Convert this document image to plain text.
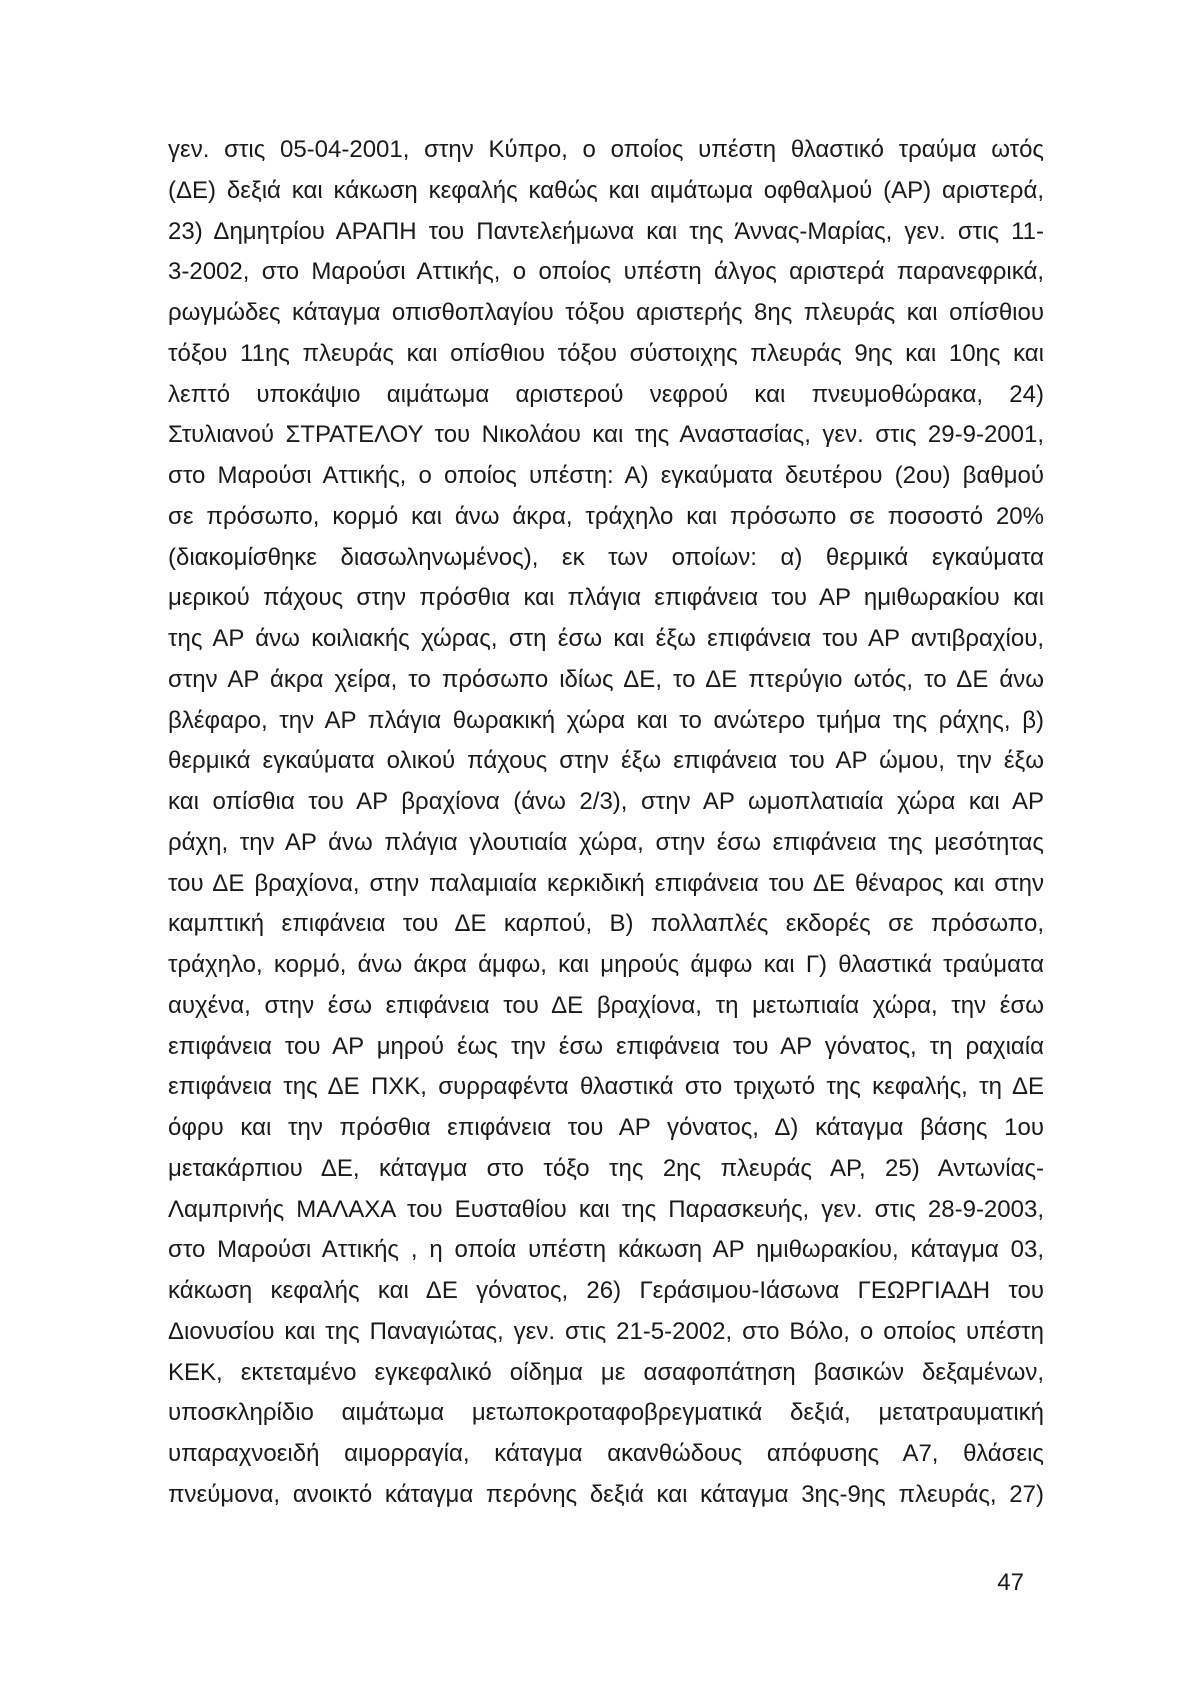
γεν. στις 05-04-2001, στην Κύπρο, ο οποίος υπέστη θλαστικό τραύμα ωτός
(ΔΕ) δεξιά και κάκωση κεφαλής καθώς και αιμάτωμα οφθαλμού (ΑΡ) αριστερά,
23) Δημητρίου ΑΡΑΠΗ του Παντελεήμωνα και της Άννας-Μαρίας, γεν. στις 11-
3-2002, στο Μαρούσι Αττικής, ο οποίος υπέστη άλγος αριστερά παρανεφρικά,
ρωγμώδες κάταγμα οπισθοπλαγίου τόξου αριστερής 8ης πλευράς και οπίσθιου
τόξου 11ης πλευράς και οπίσθιου τόξου σύστοιχης πλευράς 9ης και 10ης και
λεπτό υποκάψιο αιμάτωμα αριστερού νεφρού και πνευμοθώρακα, 24)
Στυλιανού ΣΤΡΑΤΕΛΟΥ του Νικολάου και της Αναστασίας, γεν. στις 29-9-2001,
στο Μαρούσι Αττικής, ο οποίος υπέστη: Α) εγκαύματα δευτέρου (2ου) βαθμού
σε πρόσωπο, κορμό και άνω άκρα, τράχηλο και πρόσωπο σε ποσοστό 20%
(διακομίσθηκε διασωληνωμένος), εκ των οποίων: α) θερμικά εγκαύματα
μερικού πάχους στην πρόσθια και πλάγια επιφάνεια του ΑΡ ημιθωρακίου και
της ΑΡ άνω κοιλιακής χώρας, στη έσω και έξω επιφάνεια του ΑΡ αντιβραχίου,
στην ΑΡ άκρα χείρα, το πρόσωπο ιδίως ΔΕ, το ΔΕ πτερύγιο ωτός, το ΔΕ άνω
βλέφαρο, την ΑΡ πλάγια θωρακική χώρα και το ανώτερο τμήμα της ράχης, β)
θερμικά εγκαύματα ολικού πάχους στην έξω επιφάνεια του ΑΡ ώμου, την έξω
και οπίσθια του ΑΡ βραχίονα (άνω 2/3), στην ΑΡ ωμοπλατιαία χώρα και ΑΡ
ράχη, την ΑΡ άνω πλάγια γλουτιαία χώρα, στην έσω επιφάνεια της μεσότητας
του ΔΕ βραχίονα, στην παλαμιαία κερκιδική επιφάνεια του ΔΕ θέναρος και στην
καμπτική επιφάνεια του ΔΕ καρπού, Β) πολλαπλές εκδορές σε πρόσωπο,
τράχηλο, κορμό, άνω άκρα άμφω, και μηρούς άμφω και Γ) θλαστικά τραύματα
αυχένα, στην έσω επιφάνεια του ΔΕ βραχίονα, τη μετωπιαία χώρα, την έσω
επιφάνεια του ΑΡ μηρού έως την έσω επιφάνεια του ΑΡ γόνατος, τη ραχιαία
επιφάνεια της ΔΕ ΠΧΚ, συρραφέντα θλαστικά στο τριχωτό της κεφαλής, τη ΔΕ
όφρυ και την πρόσθια επιφάνεια του ΑΡ γόνατος, Δ) κάταγμα βάσης 1ου
μετακάρπιου ΔΕ, κάταγμα στο τόξο της 2ης πλευράς ΑΡ, 25) Αντωνίας-
Λαμπρινής ΜΑΛΑΧΑ του Ευσταθίου και της Παρασκευής, γεν. στις 28-9-2003,
στο Μαρούσι Αττικής , η οποία υπέστη κάκωση ΑΡ ημιθωρακίου, κάταγμα 03,
κάκωση κεφαλής και ΔΕ γόνατος, 26) Γεράσιμου-Ιάσωνα ΓΕΩΡΓΙΑΔΗ του
Διονυσίου και της Παναγιώτας, γεν. στις 21-5-2002, στο Βόλο, ο οποίος υπέστη
ΚΕΚ, εκτεταμένο εγκεφαλικό οίδημα με ασαφοπάτηση βασικών δεξαμένων,
υποσκληρίδιο αιμάτωμα μετωποκροταφοβρεγματικά δεξιά, μετατραυματική
υπαραχνοειδή αιμορραγία, κάταγμα ακανθώδους απόφυσης Α7, θλάσεις
πνεύμονα, ανοικτό κάταγμα περόνης δεξιά και κάταγμα 3ης-9ης πλευράς, 27)
47
